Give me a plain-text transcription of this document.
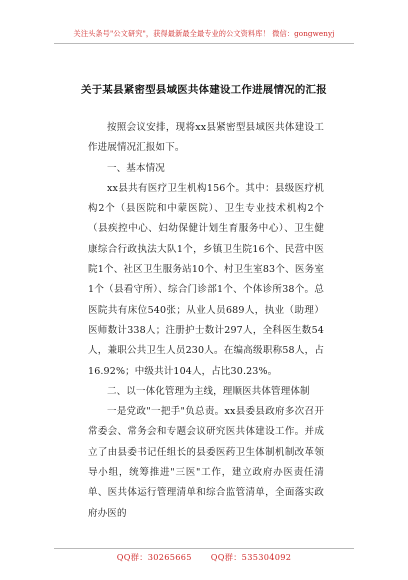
关注头条号"公文研究"，获得最新最全最专业的公文资料库！ 微信：gongwenyj
关于某县紧密型县域医共体建设工作进展情况的汇报

按照会议安排，现将xx县紧密型县域医共体建设工作进展情况汇报如下。

一、基本情况

xx县共有医疗卫生机构156个。其中：县级医疗机构2个（县医院和中蒙医院）、卫生专业技术机构2个（县疾控中心、妇幼保健计划生育服务中心）、卫生健康综合行政执法大队1个，乡镇卫生院16个、民营中医院1个、社区卫生服务站10个、村卫生室83个、医务室1个（县看守所）、综合门诊部1个、个体诊所38个。总医院共有床位540张；从业人员689人，执业（助理）医师数计338人；注册护士数计297人，全科医生数54人，兼职公共卫生人员230人。在编高级职称58人，占16.92%；中级共计104人，占比30.23%。

二、以一体化管理为主线，理顺医共体管理体制

一是党政"一把手"负总责。xx县委县政府多次召开常委会、常务会和专题会议研究医共体建设工作。并成立了由县委书记任组长的县委医药卫生体制机制改革领导小组，统筹推进"三医"工作，建立政府办医责任清单、医共体运行管理清单和综合监管清单，全面落实政府办医的

QQ群：30265665 QQ群：535304092
